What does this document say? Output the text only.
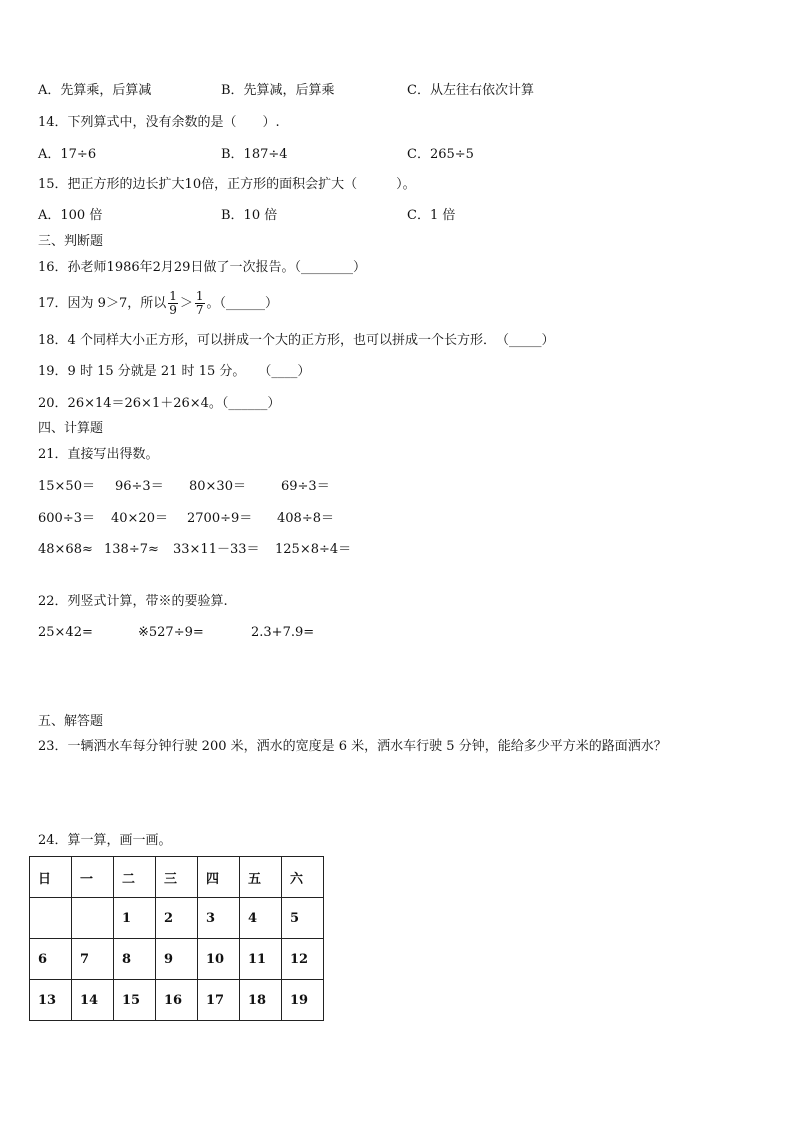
A．先算乘，后算减	B．先算减，后算乘	C．从左往右依次计算
14．下列算式中，没有余数的是（　　）.
A．17÷6	B．187÷4	C．265÷5
15．把正方形的边长扩大10倍，正方形的面积会扩大（　　　）。
A．100 倍	B．10 倍	C．1 倍
三、判断题
16．孙老师1986年2月29日做了一次报告。（________）
17．因为 9＞7，所以 $\frac{1}{9} > \frac{1}{7}$ 。（______）
18．4 个同样大小正方形，可以拼成一个大的正方形，也可以拼成一个长方形．　（_____）
19．9 时 15 分就是 21 时 15 分。　　（____）
20．26×14＝26×1＋26×4。（______）
四、计算题
21．直接写出得数。
15×50＝ 96÷3＝ 80×30＝	69÷3＝
600÷3＝ 40×20＝ 2700÷9＝ 408÷8＝
48×68≈ 138÷7≈ 33×11－33＝ 125×8÷4＝
22．列竖式计算，带※的要验算.
25×42=	※527÷9=	2.3+7.9=
五、解答题
23．一辆洒水车每分钟行驶 200 米，洒水的宽度是 6 米，洒水车行驶 5 分钟，能给多少平方米的路面洒水？
24．算一算，画一画。
日	一	二	三	四	五	六
		1	2	3	4	5
6	7	8	9	10	11	12
13	14	15	16	17	18	19
